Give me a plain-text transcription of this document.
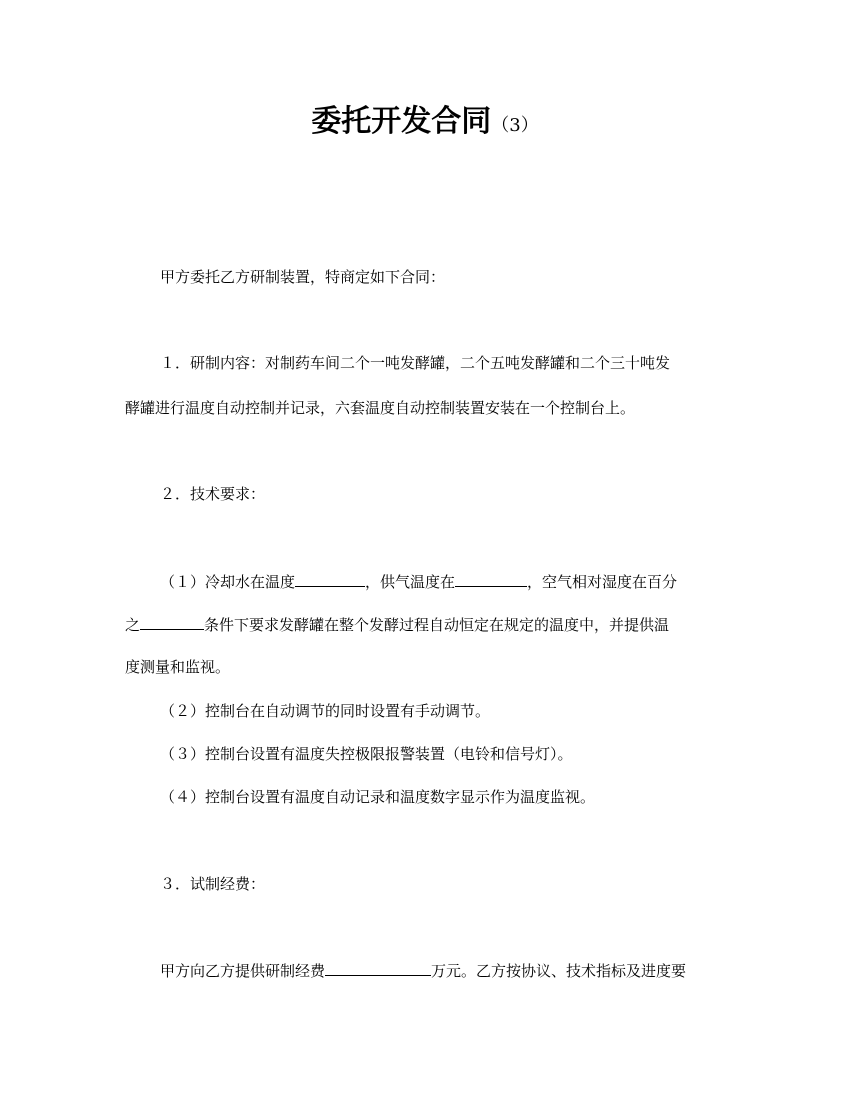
委托开发合同（3）
甲方委托乙方研制装置，特商定如下合同：
１．研制内容：对制药车间二个一吨发酵罐，二个五吨发酵罐和二个三十吨发
酵罐进行温度自动控制并记录，六套温度自动控制装置安装在一个控制台上。
２．技术要求：
（１）冷却水在温度	，供气温度在	，空气相对湿度在百分
之	条件下要求发酵罐在整个发酵过程自动恒定在规定的温度中，并提供温
度测量和监视。
（２）控制台在自动调节的同时设置有手动调节。
（３）控制台设置有温度失控极限报警装置（电铃和信号灯）。
（４）控制台设置有温度自动记录和温度数字显示作为温度监视。
３．试制经费：
甲方向乙方提供研制经费	万元。乙方按协议、技术指标及进度要
